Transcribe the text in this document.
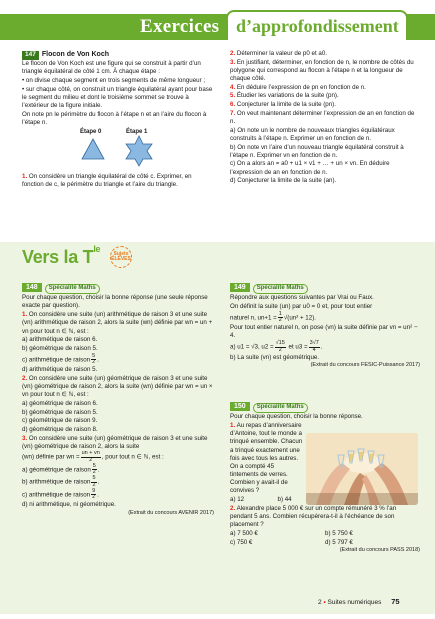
Exercices d’approfondissement

147 Flocon de Von Koch

Le flocon de Von Koch est une figure qui se construit à partir d’un triangle équilatéral de côté 1 cm. À chaque étape :

• on divise chaque segment en trois segments de même longueur ;

• sur chaque côté, on construit un triangle équilatéral ayant pour base le segment du milieu et dont le troisième sommet se trouve à l’extérieur de la figure initiale.

On note pn le périmètre du flocon à l’étape n et an l’aire du flocon à l’étape n.

Étape 0	Étape 1

1. On considère un triangle équilatéral de côté c. Exprimer, en fonction de c, le périmètre du triangle et l’aire du triangle.

2. Déterminer la valeur de p0 et a0.

3. En justifiant, déterminer, en fonction de n, le nombre de côtés du polygone qui correspond au flocon à l’étape n et la longueur de chaque côté.

4. En déduire l’expression de pn en fonction de n.

5. Étudier les variations de la suite (pn).

6. Conjecturer la limite de la suite (pn).

7. On veut maintenant déterminer l’expression de an en fonction de n.

a) On note un le nombre de nouveaux triangles équilatéraux construits à l’étape n. Exprimer un en fonction de n.

b) On note vn l’aire d’un nouveau triangle équilatéral construit à l’étape n. Exprimer vn en fonction de n.

c) On a alors an = a0 + u1 × v1 + … + un × vn. En déduire l’expression de an en fonction de n.

d) Conjecturer la limite de la suite (an).

Vers la $T^{le}$	Sujets ÉLÈVES

148 Spécialité Maths

Pour chaque question, choisir la bonne réponse (une seule réponse exacte par question).

1. On considère une suite (un) arithmétique de raison 3 et une suite (vn) arithmétique de raison 2, alors la suite (wn) définie par wn = un + vn pour tout n ∈ ℕ, est :

a) arithmétique de raison 6.

b) géométrique de raison 5.

c) arithmétique de raison $\frac{5}{2}$ .

d) arithmétique de raison 5.

2. On considère une suite (un) géométrique de raison 3 et une suite (vn) géométrique de raison 2, alors la suite (wn) définie par wn = un × vn pour tout n ∈ ℕ, est :

a) géométrique de raison 6.

b) géométrique de raison 5.

c) géométrique de raison 9.

d) géométrique de raison 8.

3. On considère une suite (un) géométrique de raison 3 et une suite (vn) géométrique de raison 2, alors la suite

(wn) définie par wn = $\frac{un + vn}{2}$ , pour tout n ∈ ℕ, est :

a) géométrique de raison $\frac{5}{2}$ .

b) arithmétique de raison $\frac{5}{2}$ .

c) arithmétique de raison $\frac{9}{2}$ .

d) ni arithmétique, ni géométrique.

(Extrait du concours AVENIR 2017)

149 Spécialité Maths

Répondre aux questions suivantes par Vrai ou Faux.

On définit la suite (un) par u0 = 0 et, pour tout entier

naturel n, $un+1 = \frac{1}{2} √(un^2 + 12)$.

Pour tout entier naturel n, on pose (vn) la suite définie par vn = un² − 4.

a) u1 = √3, $u2 = \frac{√15}{2}$ et $u3 = \frac{3√7}{4}$ .

b) La suite (vn) est géométrique.

(Extrait du concours FESIC-Puissance 2017)

150 Spécialité Maths

Pour chaque question, choisir la bonne réponse.

1. Au repas d’anniversaire d’Antoine, tout le monde a trinqué ensemble. Chacun a trinqué exactement une fois avec tous les autres. On a compté 45 tintements de verres. Combien y avait-il de convives ?

a) 12	b) 44

2. Alexandre place 5 000 € sur un compte rémunéré 3 % l’an pendant 5 ans. Combien récupérera-t-il à l’échéance de son placement ?

a) 7 500 €	b) 5 750 €

c) 750 €	d) 5 797 €

(Extrait du concours PASS 2018)

2 • Suites numériques 75
